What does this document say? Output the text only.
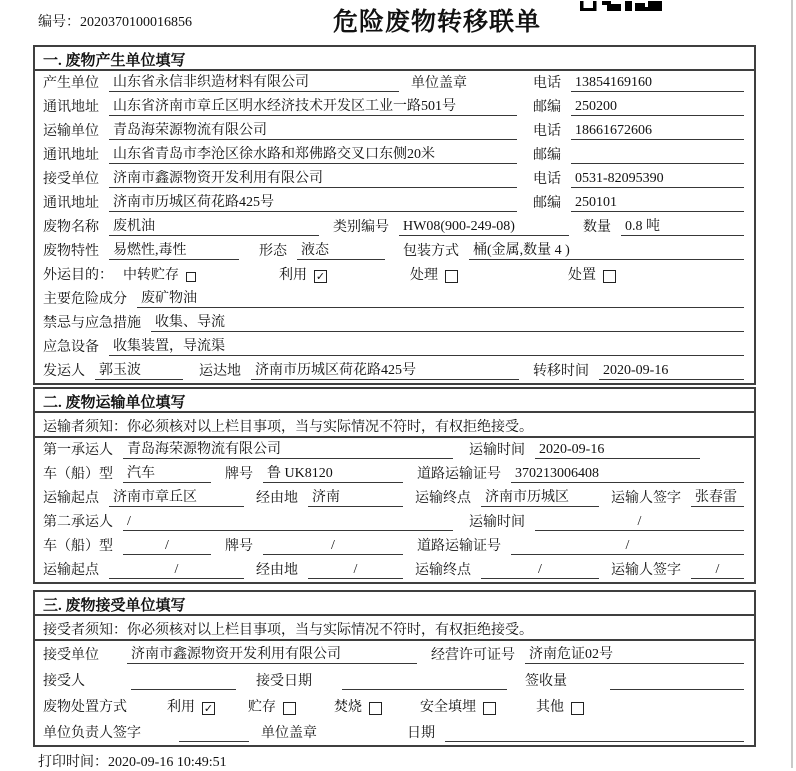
编号：2020370100016856	危险废物转移联单
一. 废物产生单位填写
产生单位 山东省永信非织造材料有限公司	单位盖章	电话 13854169160
通讯地址 山东省济南市章丘区明水经济技术开发区工业一路501号	邮编 250200
运输单位 青岛海荣源物流有限公司	电话 18661672606
通讯地址 山东省青岛市李沧区徐水路和郑佛路交叉口东侧20米	邮编
接受单位 济南市鑫源物资开发利用有限公司	电话 0531-82095390
通讯地址 济南市历城区荷花路425号	邮编 250101
废物名称 废机油	类别编号 HW08(900-249-08)	数量 0.8 吨
废物特性 易燃性,毒性	形态 液态	包装方式 桶(金属,数量 4 )
外运目的： 中转贮存	利用 ✓	处理	处置
主要危险成分 废矿物油
禁忌与应急措施 收集、导流
应急设备 收集装置，导流渠
发运人 郭玉波	运达地 济南市历城区荷花路425号	转移时间 2020-09-16
二. 废物运输单位填写
运输者须知：你必须核对以上栏目事项，当与实际情况不符时，有权拒绝接受。
第一承运人 青岛海荣源物流有限公司	运输时间 2020-09-16
车（船）型 汽车	牌号 鲁 UK8120	道路运输证号 370213006408
运输起点 济南市章丘区	经由地 济南	运输终点 济南市历城区	运输人签字 张春雷
第二承运人 /	运输时间	/
车（船）型	/	牌号	/	道路运输证号	/
运输起点	/	经由地	/	运输终点	/	运输人签字	/
三. 废物接受单位填写
接受者须知：你必须核对以上栏目事项，当与实际情况不符时，有权拒绝接受。
接受单位 济南市鑫源物资开发利用有限公司	经营许可证号 济南危证02号
接受人	接受日期	签收量
废物处置方式	利用 ✓ 贮存	焚烧	安全填埋	其他
单位负责人签字	单位盖章	日期
打印时间：2020-09-16 10:49:51
